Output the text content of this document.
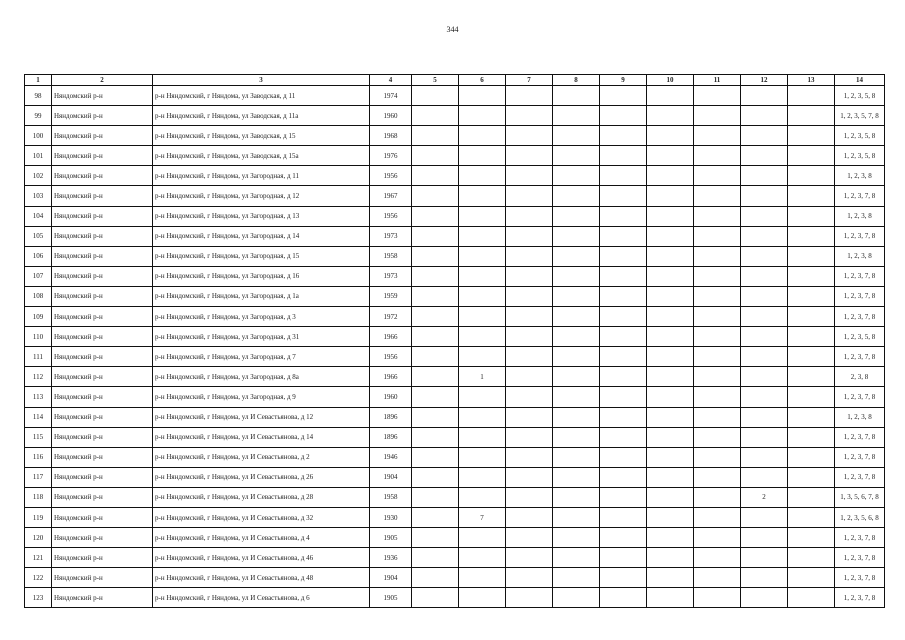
344
1	2	3	4	5	6	7	8	9	10	11	12	13	14
98	Няндомский р-н	р-н Няндомский, г Няндома, ул Заводская, д 11	1974										1, 2, 3, 5, 8
99	Няндомский р-н	р-н Няндомский, г Няндома, ул Заводская, д 11а	1960										1, 2, 3, 5, 7, 8
100	Няндомский р-н	р-н Няндомский, г Няндома, ул Заводская, д 15	1968										1, 2, 3, 5, 8
101	Няндомский р-н	р-н Няндомский, г Няндома, ул Заводская, д 15а	1976										1, 2, 3, 5, 8
102	Няндомский р-н	р-н Няндомский, г Няндома, ул Загородная, д 11	1956										1, 2, 3, 8
103	Няндомский р-н	р-н Няндомский, г Няндома, ул Загородная, д 12	1967										1, 2, 3, 7, 8
104	Няндомский р-н	р-н Няндомский, г Няндома, ул Загородная, д 13	1956										1, 2, 3, 8
105	Няндомский р-н	р-н Няндомский, г Няндома, ул Загородная, д 14	1973										1, 2, 3, 7, 8
106	Няндомский р-н	р-н Няндомский, г Няндома, ул Загородная, д 15	1958										1, 2, 3, 8
107	Няндомский р-н	р-н Няндомский, г Няндома, ул Загородная, д 16	1973										1, 2, 3, 7, 8
108	Няндомский р-н	р-н Няндомский, г Няндома, ул Загородная, д 1а	1959										1, 2, 3, 7, 8
109	Няндомский р-н	р-н Няндомский, г Няндома, ул Загородная, д 3	1972										1, 2, 3, 7, 8
110	Няндомский р-н	р-н Няндомский, г Няндома, ул Загородная, д 31	1966										1, 2, 3, 5, 8
111	Няндомский р-н	р-н Няндомский, г Няндома, ул Загородная, д 7	1956										1, 2, 3, 7, 8
112	Няндомский р-н	р-н Няндомский, г Няндома, ул Загородная, д 8а	1966		1								2, 3, 8
113	Няндомский р-н	р-н Няндомский, г Няндома, ул Загородная, д 9	1960										1, 2, 3, 7, 8
114	Няндомский р-н	р-н Няндомский, г Няндома, ул И Севастьянова, д 12	1896										1, 2, 3, 8
115	Няндомский р-н	р-н Няндомский, г Няндома, ул И Севастьянова, д 14	1896										1, 2, 3, 7, 8
116	Няндомский р-н	р-н Няндомский, г Няндома, ул И Севастьянова, д 2	1946										1, 2, 3, 7, 8
117	Няндомский р-н	р-н Няндомский, г Няндома, ул И Севастьянова, д 26	1904										1, 2, 3, 7, 8
118	Няндомский р-н	р-н Няндомский, г Няндома, ул И Севастьянова, д 28	1958								2		1, 3, 5, 6, 7, 8
119	Няндомский р-н	р-н Няндомский, г Няндома, ул И Севастьянова, д 32	1930		7								1, 2, 3, 5, 6, 8
120	Няндомский р-н	р-н Няндомский, г Няндома, ул И Севастьянова, д 4	1905										1, 2, 3, 7, 8
121	Няндомский р-н	р-н Няндомский, г Няндома, ул И Севастьянова, д 46	1936										1, 2, 3, 7, 8
122	Няндомский р-н	р-н Няндомский, г Няндома, ул И Севастьянова, д 48	1904										1, 2, 3, 7, 8
123	Няндомский р-н	р-н Няндомский, г Няндома, ул И Севастьянова, д 6	1905										1, 2, 3, 7, 8
